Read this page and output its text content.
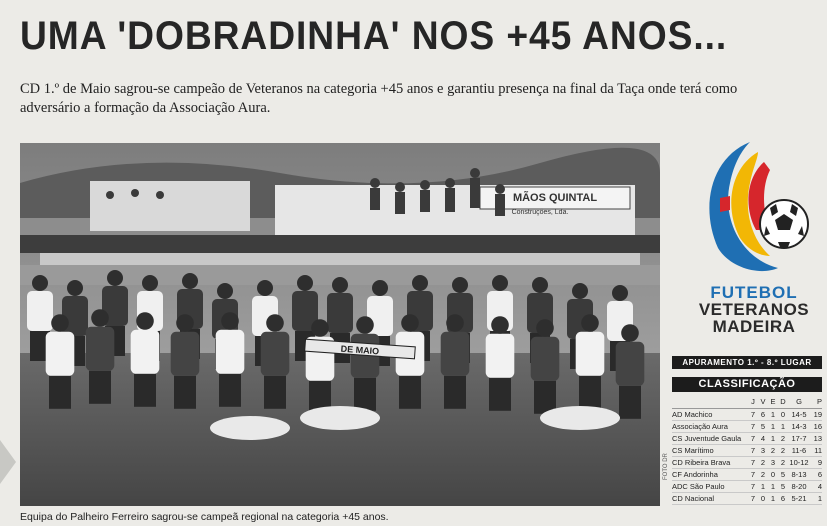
UMA 'DOBRADINHA' NOS +45 ANOS...
CD 1.º de Maio sagrou-se campeão de Veteranos na categoria +45 anos e garantiu presença na final da Taça onde terá como adversário a formação da Associação Aura.
MÃOS QUINTAL
Construções, Lda.
DE MAIO
FOTO DR
Equipa do Palheiro Ferreiro sagrou-se campeã regional na categoria +45 anos.
FUTEBOL
VETERANOS
MADEIRA
APURAMENTO 1.º - 8.º LUGAR
CLASSIFICAÇÃO
J V E D	G	P
AD Machico	7 6 1 0 14-5 19
Associação Aura	7 5 1 1 14-3 16
CS Juventude Gaula	7 4 1 2 17-7 13
CS Marítimo	7 3 2 2 11-6	11
CD Ribeira Brava	7 2 3 2 10-12	9
CF Andorinha	7 2 0 5 8-13	6
ADC São Paulo	7 1 1 5 8-20	4
CD Nacional	7 0 1 6 5-21	1
